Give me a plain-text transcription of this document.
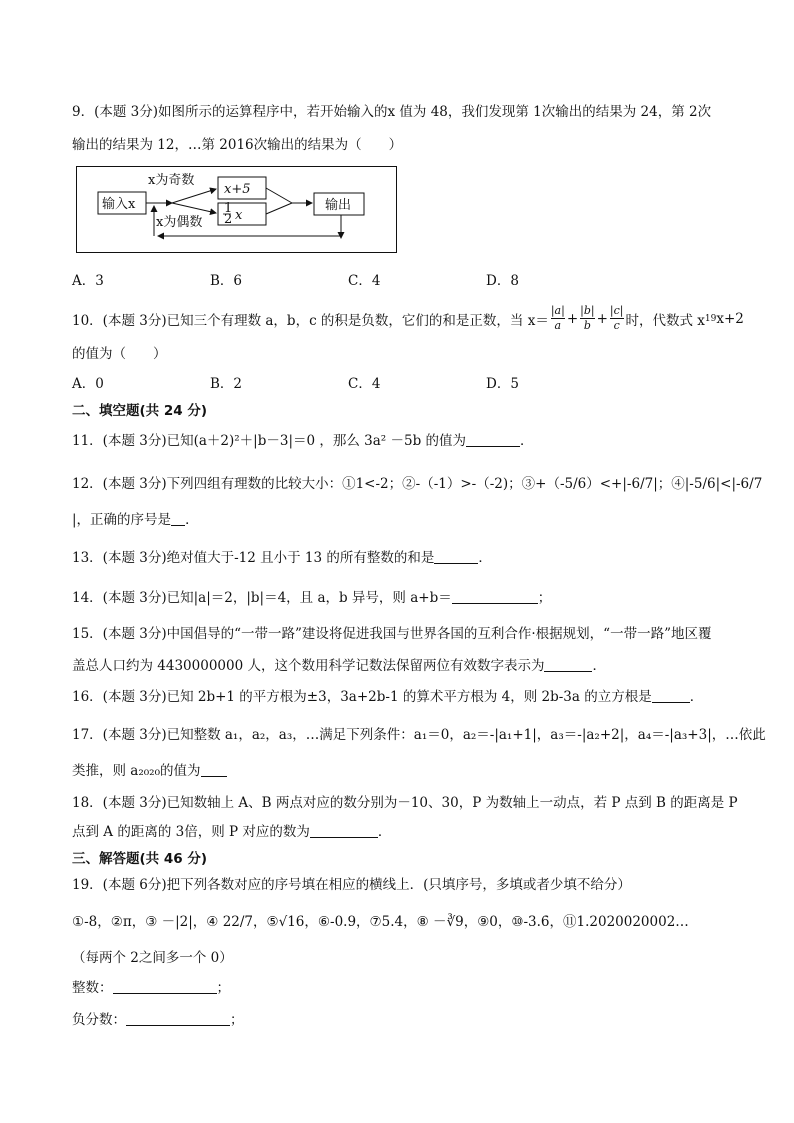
9．(本题 3分)如图所示的运算程序中，若开始输入的x 值为 48，我们发现第 1次输出的结果为 24，第 2次
输出的结果为 12，…第 2016次输出的结果为（　　）
输入x
x为奇数
x为偶数
x+5
1
2 x
输出
A．3	B．6	C．4	D．8
10．(本题 3分)已知三个有理数 a，b，c 的积是负数，它们的和是正数，当 x＝
|a|
$a + \frac{|b|}{b} + \frac{|c|}{c}$ 时，代数式 x 19 x+2
的值为（　　）
A．0	B．2	C．4	D．5
二、填空题(共 24 分)
11．(本题 3分)已知(a＋2)²＋|b－3|＝0 ，那么 3a² －5b 的值为	．
12．(本题 3分)下列四组有理数的比较大小：①1<-2；②-（-1）>-（-2)；③+（-5/6）<+|-6/7|；④|-5/6|<|-6/7
|，正确的序号是 ．
13．(本题 3分)绝对值大于-12 且小于 13 的所有整数的和是	．
14．(本题 3分)已知|a|＝2，|b|＝4，且 a，b 异号，则 a+b＝	；
15．(本题 3分)中国倡导的“一带一路”建设将促进我国与世界各国的互利合作·根据规划，“一带一路”地区覆
盖总人口约为 4430000000 人，这个数用科学记数法保留两位有效数字表示为	．
16．(本题 3分)已知 2b+1 的平方根为±3，3a+2b-1 的算术平方根为 4，则 2b-3a 的立方根是	．
17．(本题 3分)已知整数 a₁，a₂，a₃，…满足下列条件：a₁＝0，a₂＝-|a₁+1|，a₃＝-|a₂+2|，a₄＝-|a₃+3|，…依此
类推，则 a₂₀₂₀的值为
18．(本题 3分)已知数轴上 A、B 两点对应的数分别为－10、30，P 为数轴上一动点，若 P 点到 B 的距离是 P
点到 A 的距离的 3倍，则 P 对应的数为	．
三、解答题(共 46 分)
19．(本题 6分)把下列各数对应的序号填在相应的横线上．(只填序号，多填或者少填不给分）
①-8，②π，③ －|2|，④ 22/7，⑤√16，⑥-0.9，⑦5.4，⑧ －∛9，⑨0，⑩-3.6̇，⑪1.2020020002…
（每两个 2之间多一个 0）
整数：	；
负分数：	；
